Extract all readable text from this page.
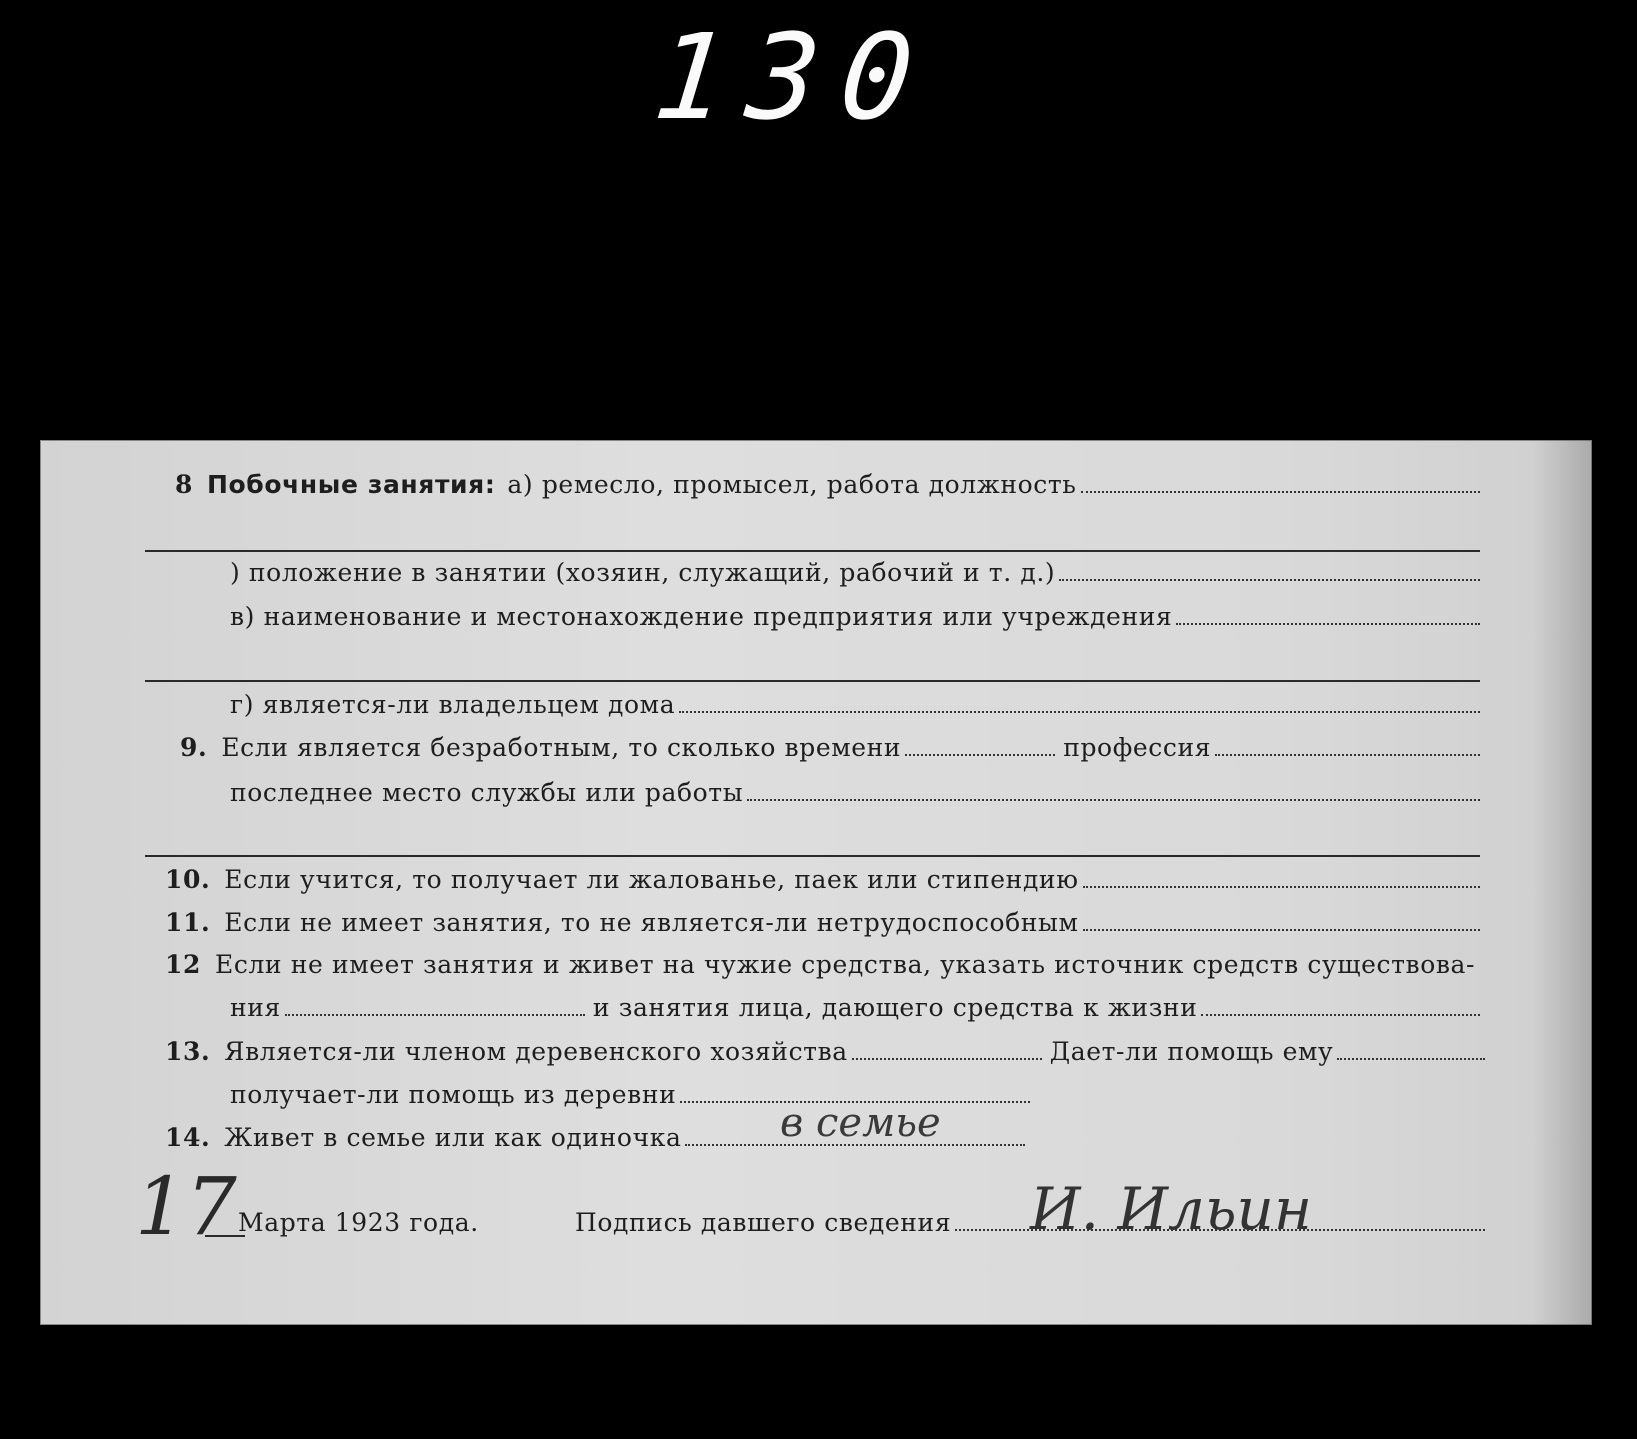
130
8 Побочные занятия: а) ремесло, промысел, работа должность
) положение в занятии (хозяин, служащий, рабочий и т. д.)
в) наименование и местонахождение предприятия или учреждения
г) является-ли владельцем дома
9. Если является безработным, то сколько времени	профессия
последнее место службы или работы
10. Если учится, то получает ли жалованье, паек или стипендию
11. Если не имеет занятия, то не является-ли нетрудоспособным
12 Если не имеет занятия и живет на чужие средства, указать источник средств существова-
ния	и занятия лица, дающего средства к жизни
13. Является-ли членом деревенского хозяйства	Дает-ли помощь ему
получает-ли помощь из деревни
14. Живет в семье или как одиночка в семье
17 Марта 1923 года.	Подпись давшего сведения И. Ильин
